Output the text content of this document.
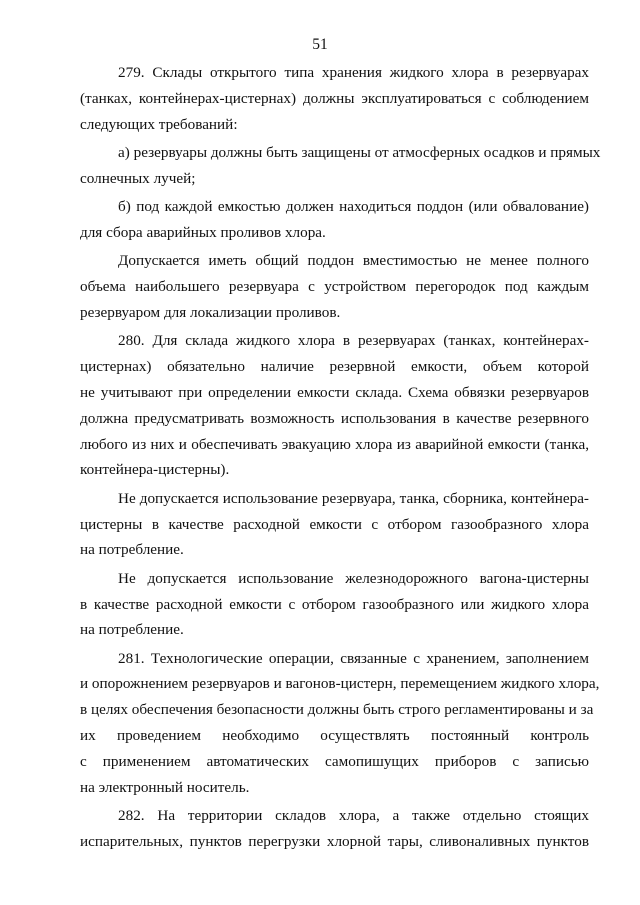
51
279. Склады открытого типа хранения жидкого хлора в резервуарах
(танках, контейнерах-цистернах) должны эксплуатироваться с соблюдением
следующих требований:
а) резервуары должны быть защищены от атмосферных осадков и прямых
солнечных лучей;
б) под каждой емкостью должен находиться поддон (или обвалование)
для сбора аварийных проливов хлора.
Допускается иметь общий поддон вместимостью не менее полного
объема наибольшего резервуара с устройством перегородок под каждым
резервуаром для локализации проливов.
280. Для склада жидкого хлора в резервуарах (танках, контейнерах-
цистернах) обязательно наличие резервной емкости, объем которой
не учитывают при определении емкости склада. Схема обвязки резервуаров
должна предусматривать возможность использования в качестве резервного
любого из них и обеспечивать эвакуацию хлора из аварийной емкости (танка,
контейнера-цистерны).
Не допускается использование резервуара, танка, сборника, контейнера-
цистерны в качестве расходной емкости с отбором газообразного хлора
на потребление.
Не допускается использование железнодорожного вагона-цистерны
в качестве расходной емкости с отбором газообразного или жидкого хлора
на потребление.
281. Технологические операции, связанные с хранением, заполнением
и опорожнением резервуаров и вагонов-цистерн, перемещением жидкого хлора,
в целях обеспечения безопасности должны быть строго регламентированы и за
их проведением необходимо осуществлять постоянный контроль
с применением автоматических самопишущих приборов с записью
на электронный носитель.
282. На территории складов хлора, а также отдельно стоящих
испарительных, пунктов перегрузки хлорной тары, сливоналивных пунктов
